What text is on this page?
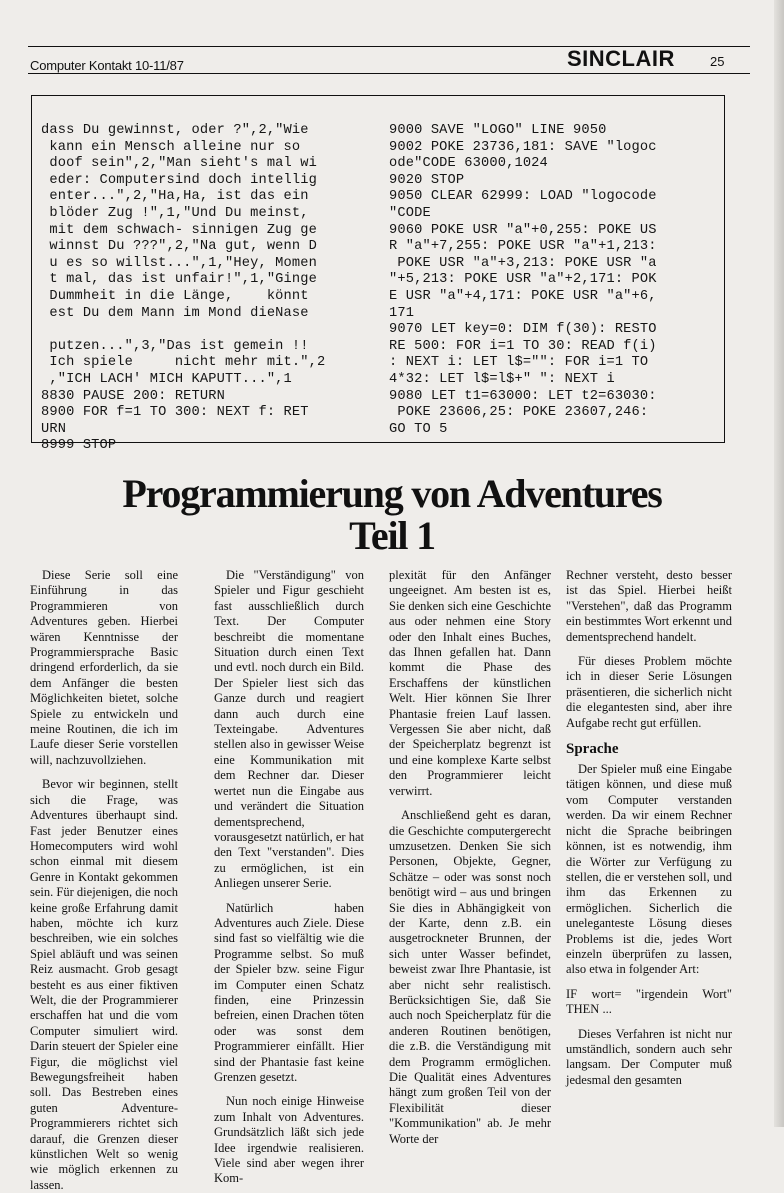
Computer Kontakt 10-11/87	SINCLAIR	25
dass Du gewinnst, oder ?",2,"Wie
kann ein Mensch alleine nur so
doof sein",2,"Man sieht's mal wi
eder: Computersind doch intellig
enter...",2,"Ha,Ha, ist das ein
blöder Zug !",1,"Und Du meinst,
mit dem schwach- sinnigen Zug ge
winnst Du ???",2,"Na gut, wenn D
u es so willst...",1,"Hey, Momen
t mal, das ist unfair!",1,"Ginge
Dummheit in die Länge,    könnt
est Du dem Mann im Mond dieNase

putzen...",3,"Das ist gemein !!
Ich spiele     nicht mehr mit.",2
,"ICH LACH' MICH KAPUTT...",1
8830 PAUSE 200: RETURN
8900 FOR f=1 TO 300: NEXT f: RET
URN
8999 STOP

9000 SAVE "LOGO" LINE 9050
9002 POKE 23736,181: SAVE "logoc
ode"CODE 63000,1024
9020 STOP
9050 CLEAR 62999: LOAD "logocode
"CODE
9060 POKE USR "a"+0,255: POKE US
R "a"+7,255: POKE USR "a"+1,213:
POKE USR "a"+3,213: POKE USR "a
"+5,213: POKE USR "a"+2,171: POK
E USR "a"+4,171: POKE USR "a"+6,
171
9070 LET key=0: DIM f(30): RESTO
RE 500: FOR i=1 TO 30: READ f(i)
: NEXT i: LET l$="": FOR i=1 TO
4*32: LET l$=l$+" ": NEXT i
9080 LET t1=63000: LET t2=63030:
POKE 23606,25: POKE 23607,246:
GO TO 5

Programmierung von Adventures
Teil 1

Diese Serie soll eine Einführung in das Programmieren von Adventures geben. Hierbei wären Kenntnisse der Programmiersprache Basic dringend erforderlich, da sie dem Anfänger die besten Möglichkeiten bietet, solche Spiele zu entwickeln und meine Routinen, die ich im Laufe dieser Serie vorstellen will, nachzuvollziehen.

Bevor wir beginnen, stellt sich die Frage, was Adventures überhaupt sind. Fast jeder Benutzer eines Homecomputers wird wohl schon einmal mit diesem Genre in Kontakt gekommen sein. Für diejenigen, die noch keine große Erfahrung damit haben, möchte ich kurz beschreiben, wie ein solches Spiel abläuft und was seinen Reiz ausmacht. Grob gesagt besteht es aus einer fiktiven Welt, die der Programmierer erschaffen hat und die vom Computer simuliert wird. Darin steuert der Spieler eine Figur, die möglichst viel Bewegungsfreiheit haben soll. Das Bestreben eines guten Adventure-Programmierers richtet sich darauf, die Grenzen dieser künstlichen Welt so wenig wie möglich erkennen zu lassen.

Die "Verständigung" von Spieler und Figur geschieht fast ausschließlich durch Text. Der Computer beschreibt die momentane Situation durch einen Text und evtl. noch durch ein Bild. Der Spieler liest sich das Ganze durch und reagiert dann auch durch eine Texteingabe. Adventures stellen also in gewisser Weise eine Kommunikation mit dem Rechner dar. Dieser wertet nun die Eingabe aus und verändert die Situation dementsprechend, vorausgesetzt natürlich, er hat den Text "verstanden". Dies zu ermöglichen, ist ein Anliegen unserer Serie.

Natürlich haben Adventures auch Ziele. Diese sind fast so vielfältig wie die Programme selbst. So muß der Spieler bzw. seine Figur im Computer einen Schatz finden, eine Prinzessin befreien, einen Drachen töten oder was sonst dem Programmierer einfällt. Hier sind der Phantasie fast keine Grenzen gesetzt.

Nun noch einige Hinweise zum Inhalt von Adventures. Grundsätzlich läßt sich jede Idee irgendwie realisieren. Viele sind aber wegen ihrer Kom-

plexität für den Anfänger ungeeignet. Am besten ist es, Sie denken sich eine Geschichte aus oder nehmen eine Story oder den Inhalt eines Buches, das Ihnen gefallen hat. Dann kommt die Phase des Erschaffens der künstlichen Welt. Hier können Sie Ihrer Phantasie freien Lauf lassen. Vergessen Sie aber nicht, daß der Speicherplatz begrenzt ist und eine komplexe Karte selbst den Programmierer leicht verwirrt.

Anschließend geht es daran, die Geschichte computergerecht umzusetzen. Denken Sie sich Personen, Objekte, Gegner, Schätze – oder was sonst noch benötigt wird – aus und bringen Sie dies in Abhängigkeit von der Karte, denn z.B. ein ausgetrockneter Brunnen, der sich unter Wasser befindet, beweist zwar Ihre Phantasie, ist aber nicht sehr realistisch. Berücksichtigen Sie, daß Sie auch noch Speicherplatz für die anderen Routinen benötigen, die z.B. die Verständigung mit dem Programm ermöglichen. Die Qualität eines Adventures hängt zum großen Teil von der Flexibilität dieser "Kommunikation" ab. Je mehr Worte der

Rechner versteht, desto besser ist das Spiel. Hierbei heißt "Verstehen", daß das Programm ein bestimmtes Wort erkennt und dementsprechend handelt.

Für dieses Problem möchte ich in dieser Serie Lösungen präsentieren, die sicherlich nicht die elegantesten sind, aber ihre Aufgabe recht gut erfüllen.

Sprache

Der Spieler muß eine Eingabe tätigen können, und diese muß vom Computer verstanden werden. Da wir einem Rechner nicht die Sprache beibringen können, ist es notwendig, ihm die Wörter zur Verfügung zu stellen, die er verstehen soll, und ihm das Erkennen zu ermöglichen. Sicherlich die uneleganteste Lösung dieses Problems ist die, jedes Wort einzeln überprüfen zu lassen, also etwa in folgender Art:

IF wort= "irgendein Wort" THEN ...

Dieses Verfahren ist nicht nur umständlich, sondern auch sehr langsam. Der Computer muß jedesmal den gesamten
